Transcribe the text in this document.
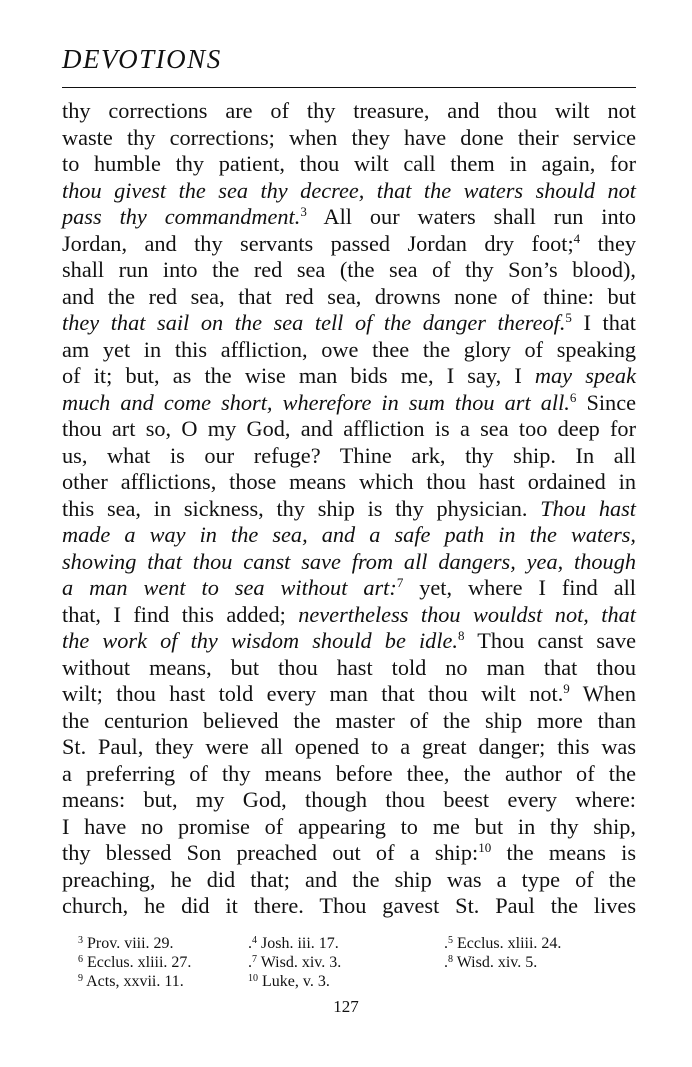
DEVOTIONS
thy corrections are of thy treasure, and thou wilt not
waste thy corrections; when they have done their service
to humble thy patient, thou wilt call them in again, for
thou givest the sea thy decree, that the waters should not
pass thy commandment.$^3$ All our waters shall run into
Jordan, and thy servants passed Jordan dry foot;$^4$ they
shall run into the red sea (the sea of thy Son’s blood),
and the red sea, that red sea, drowns none of thine: but
they that sail on the sea tell of the danger thereof.$^5$ I that
am yet in this affliction, owe thee the glory of speaking
of it; but, as the wise man bids me, I say, I may speak
much and come short, wherefore in sum thou art all.$^6$ Since
thou art so, O my God, and affliction is a sea too deep for
us, what is our refuge? Thine ark, thy ship. In all
other afflictions, those means which thou hast ordained in
this sea, in sickness, thy ship is thy physician. Thou hast
made a way in the sea, and a safe path in the waters,
showing that thou canst save from all dangers, yea, though
a man went to sea without art:$^7$ yet, where I find all
that, I find this added; nevertheless thou wouldst not, that
the work of thy wisdom should be idle.$^8$ Thou canst save
without means, but thou hast told no man that thou
wilt; thou hast told every man that thou wilt not.$^9$ When
the centurion believed the master of the ship more than
St. Paul, they were all opened to a great danger; this was
a preferring of thy means before thee, the author of the
means: but, my God, though thou beest every where:
I have no promise of appearing to me but in thy ship,
thy blessed Son preached out of a ship:$^{10}$ the means is
preaching, he did that; and the ship was a type of the
church, he did it there. Thou gavest St. Paul the lives
$^3$ Prov. viii. 29.	.$^4$ Josh. iii. 17.	.$^5$ Ecclus. xliii. 24.
$^6$ Ecclus. xliii. 27.	.$^7$ Wisd. xiv. 3.	.$^8$ Wisd. xiv. 5.
$^9$ Acts, xxvii. 11.	$^{10}$ Luke, v. 3.
127
